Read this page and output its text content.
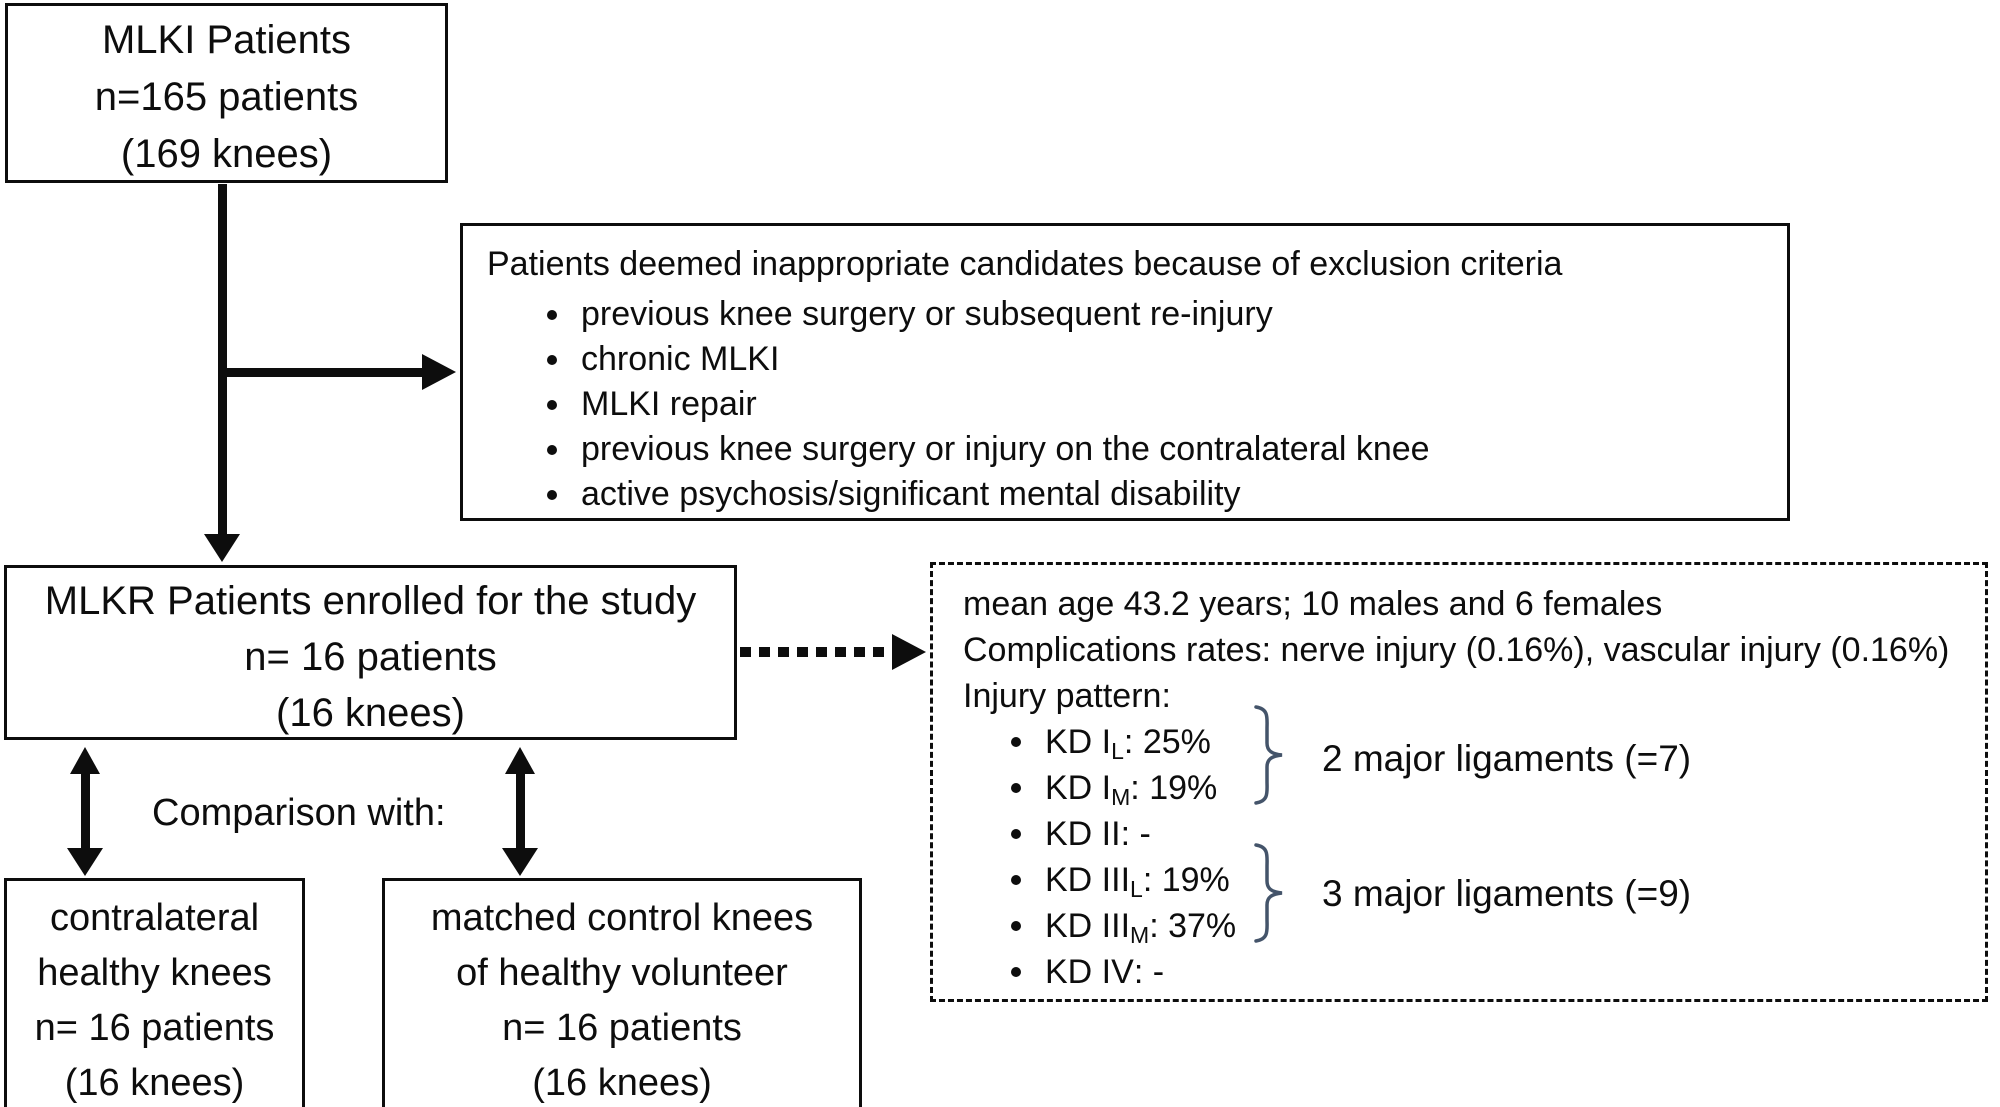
MLKI Patients
n=165 patients
(169 knees)
Patients deemed inappropriate candidates because of exclusion criteria
previous knee surgery or subsequent re-injury
chronic MLKI
MLKI repair
previous knee surgery or injury on the contralateral knee
active psychosis/significant mental disability
MLKR Patients enrolled for the study
n= 16 patients
(16 knees)
mean age 43.2 years; 10 males and 6 females
Complications rates: nerve injury (0.16%), vascular injury (0.16%)
Injury pattern:
KD I L : 25%
KD I M : 19%
KD II : -
KD III L : 19%
KD III M : 37%
KD IV : -
2 major ligaments (=7)
3 major ligaments (=9)
Comparison with:
contralateral
healthy knees
n= 16 patients
(16 knees)
matched control knees
of healthy volunteer
n= 16 patients
(16 knees)
